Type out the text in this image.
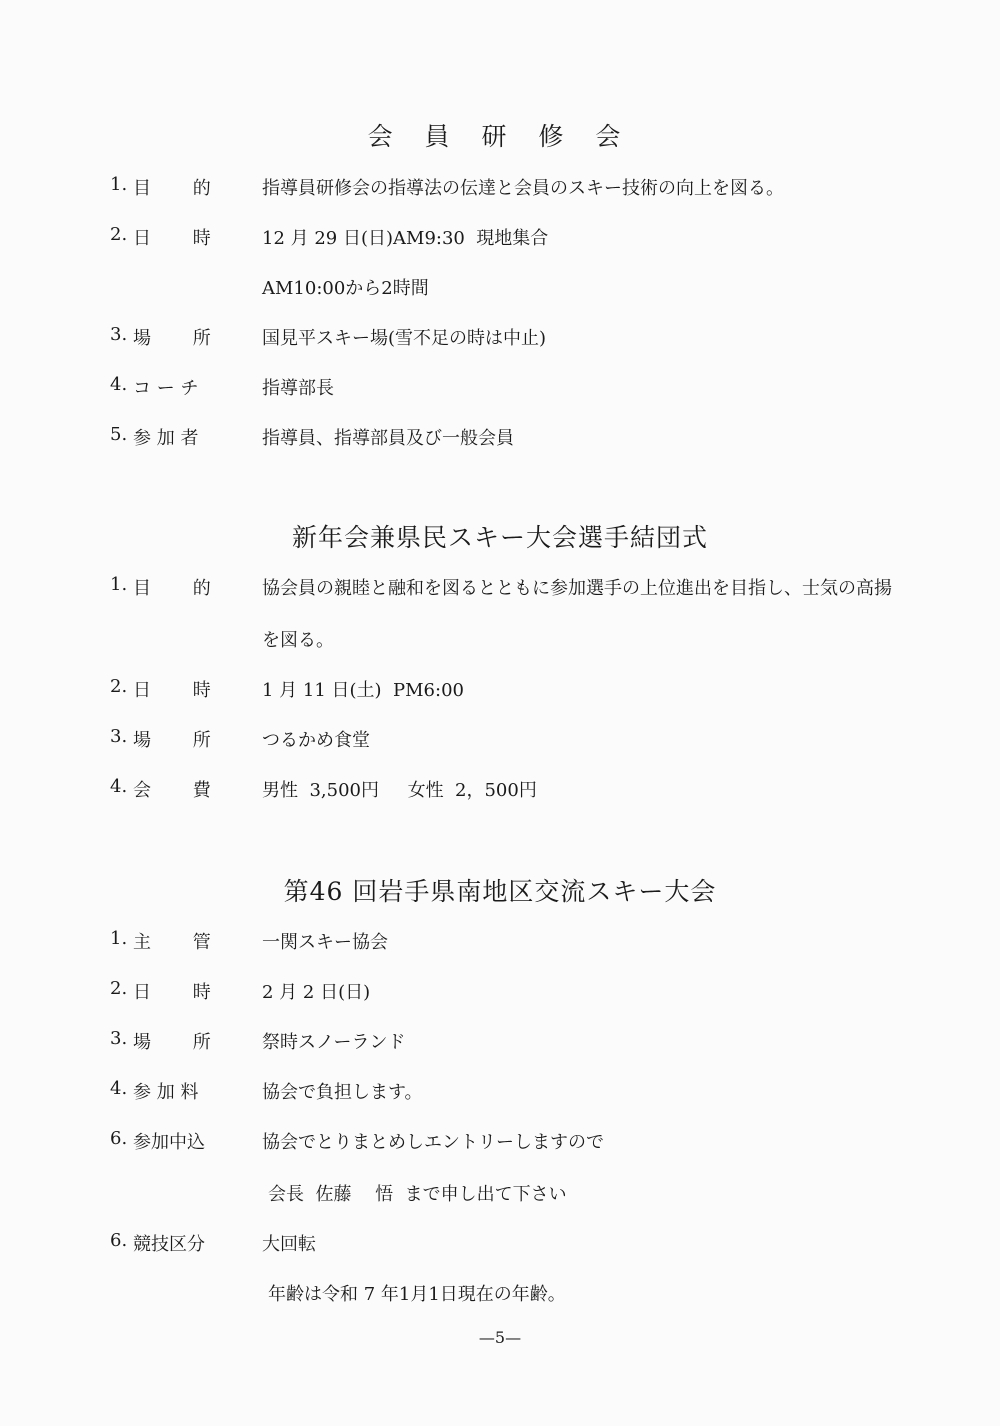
会 員 研 修 会
1. 目　　 的	指導員研修会の指導法の伝達と会員のスキー技術の向上を図る。
2. 日　　 時	12 月 29 日(日)AM9:30  現地集合
AM10:00から2時間
3. 場　　 所	国見平スキー場(雪不足の時は中止)
4. コ ー チ	指導部長
5. 参 加 者	指導員、指導部員及び一般会員
新年会兼県民スキー大会選手結団式
1. 目　　 的	協会員の親睦と融和を図るとともに参加選手の上位進出を目指し、士気の高揚
を図る。
2. 日　　 時	1 月 11 日(土)  PM6:00
3. 場　　 所	つるかめ食堂
4. 会　　 費	男性  3,500円     女性  2，500円
第46 回岩手県南地区交流スキー大会
1. 主　　 管	一関スキー協会
2. 日　　 時	2 月 2 日(日)
3. 場　　 所	祭時スノーランド
4. 参 加 料	協会で負担します。
6. 参加中込	協会でとりまとめしエントリーしますので
会長  佐藤　 悟  まで申し出て下さい
6. 競技区分	大回転
年齢は令和 7 年1月1日現在の年齢。
—5—
